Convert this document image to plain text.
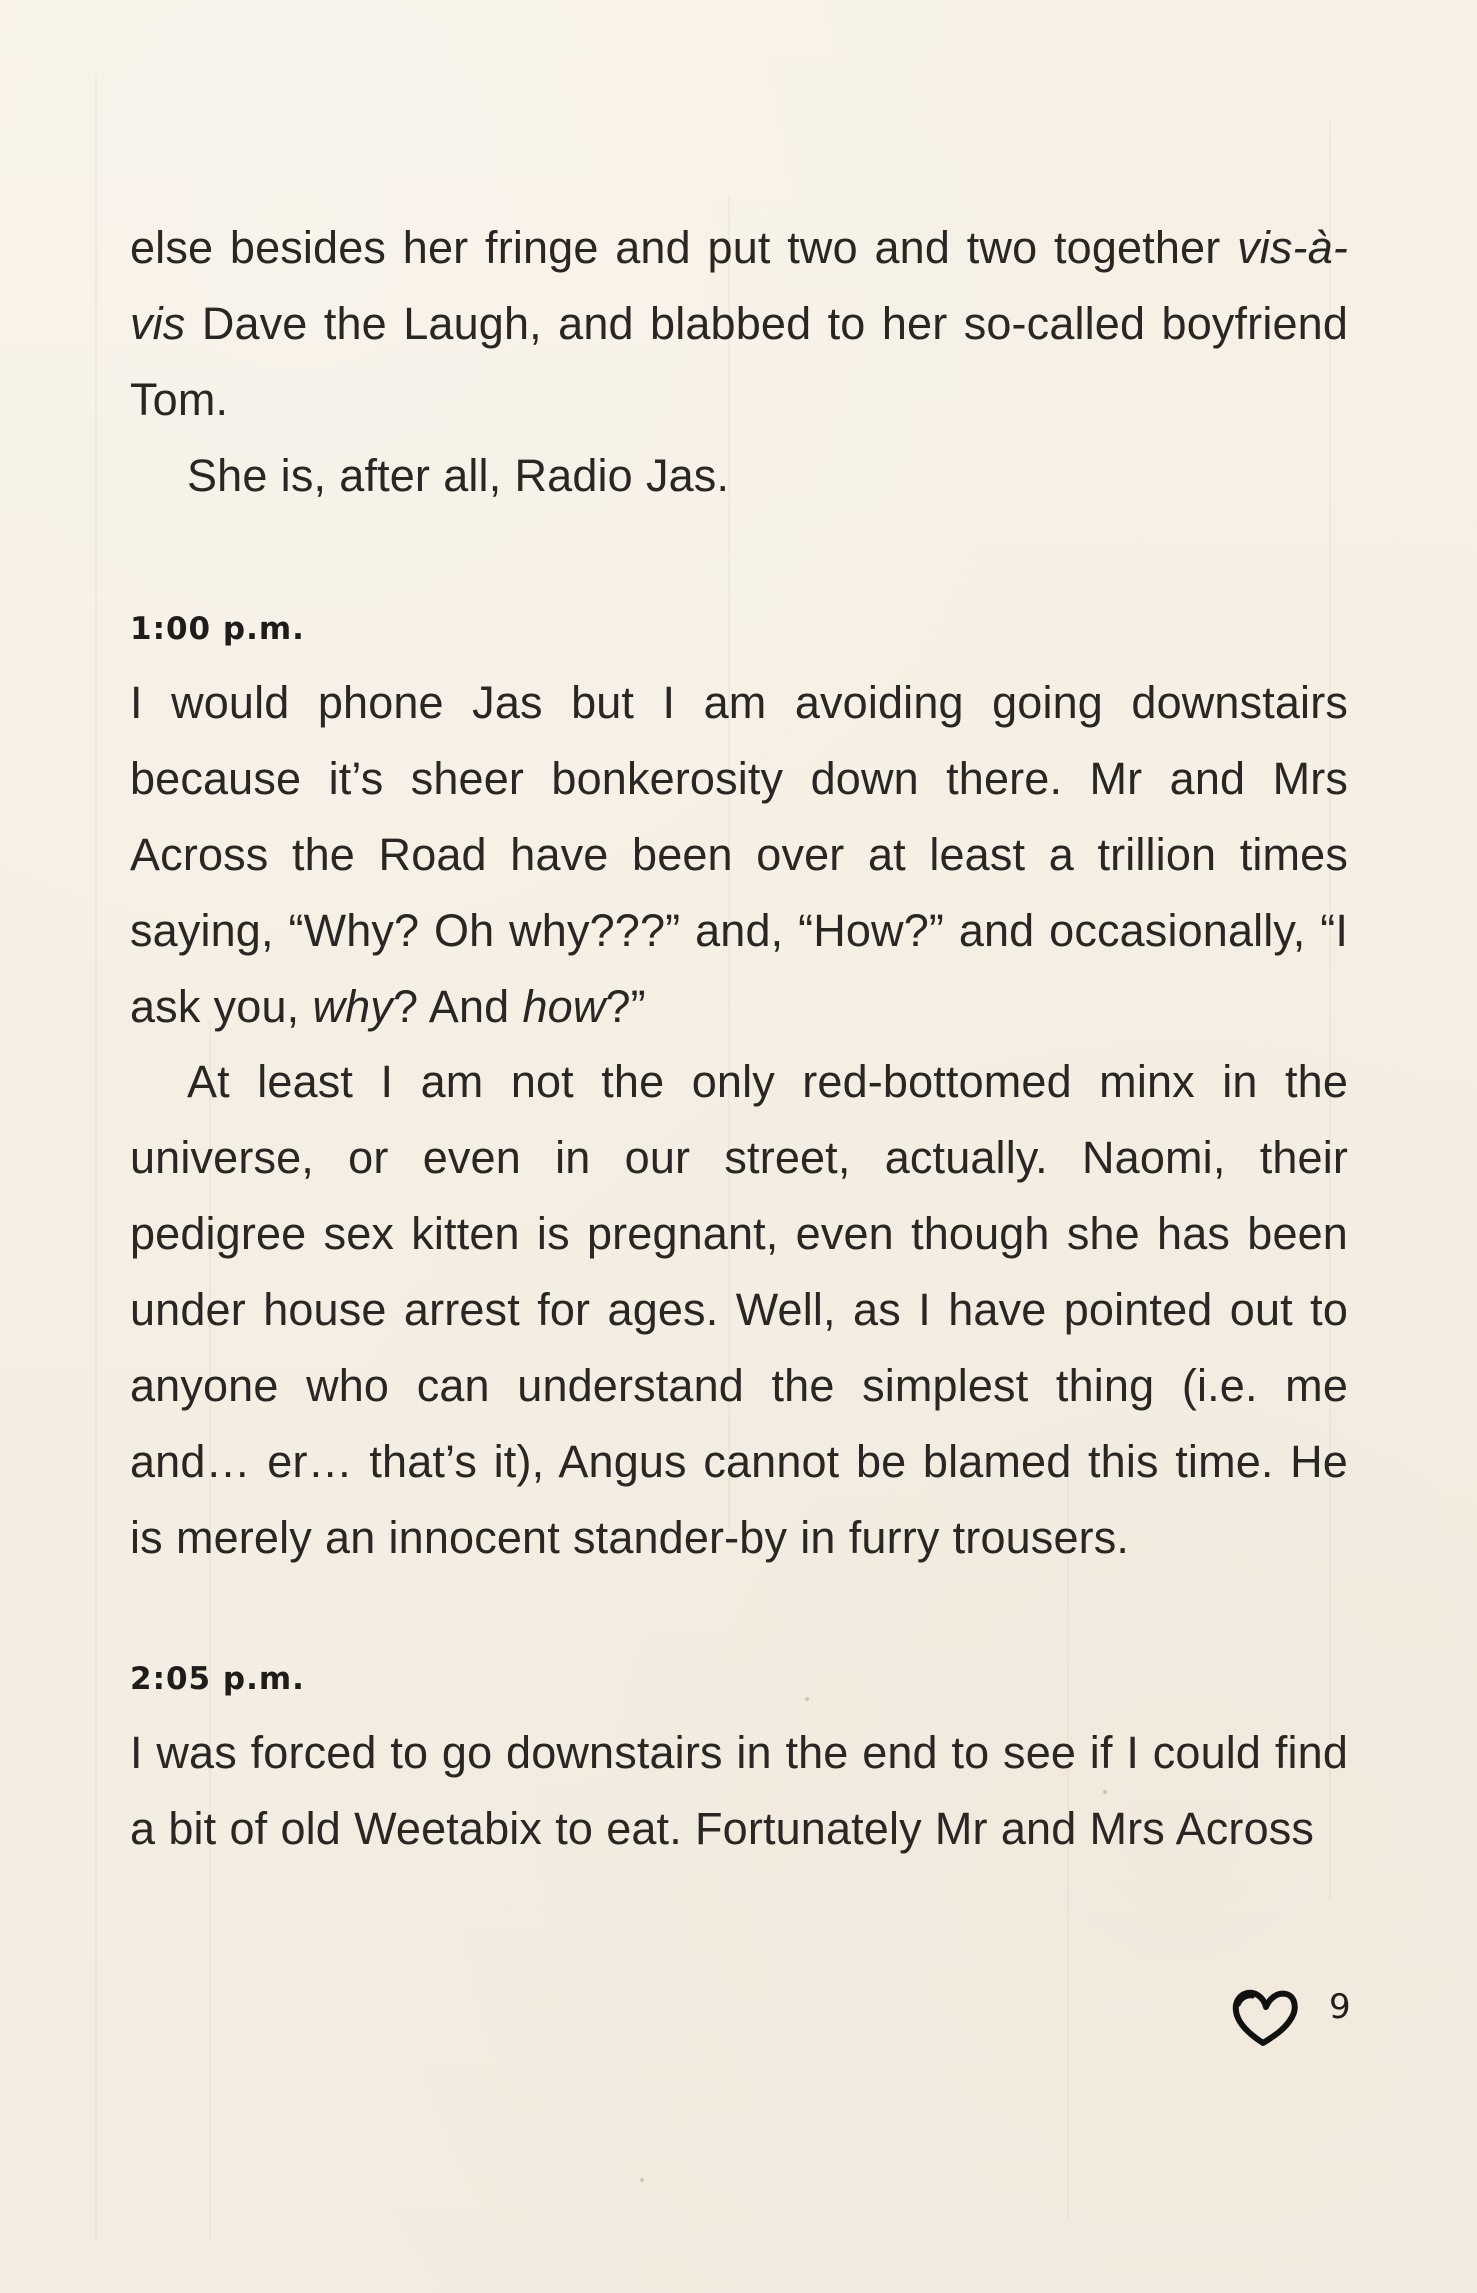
else besides her fringe and put two and two together vis-à-vis Dave the Laugh, and blabbed to her so-called boyfriend Tom.

She is, after all, Radio Jas.

1:00 p.m.

I would phone Jas but I am avoiding going downstairs because it’s sheer bonkerosity down there. Mr and Mrs Across the Road have been over at least a trillion times saying, “Why? Oh why???” and, “How?” and occasionally, “I ask you, why? And how?”

At least I am not the only red-bottomed minx in the universe, or even in our street, actually. Naomi, their pedigree sex kitten is pregnant, even though she has been under house arrest for ages. Well, as I have pointed out to anyone who can understand the simplest thing (i.e. me and… er… that’s it), Angus cannot be blamed this time. He is merely an innocent stander-by in furry trousers.

2:05 p.m.

I was forced to go downstairs in the end to see if I could find a bit of old Weetabix to eat. Fortunately Mr and Mrs Across

9
